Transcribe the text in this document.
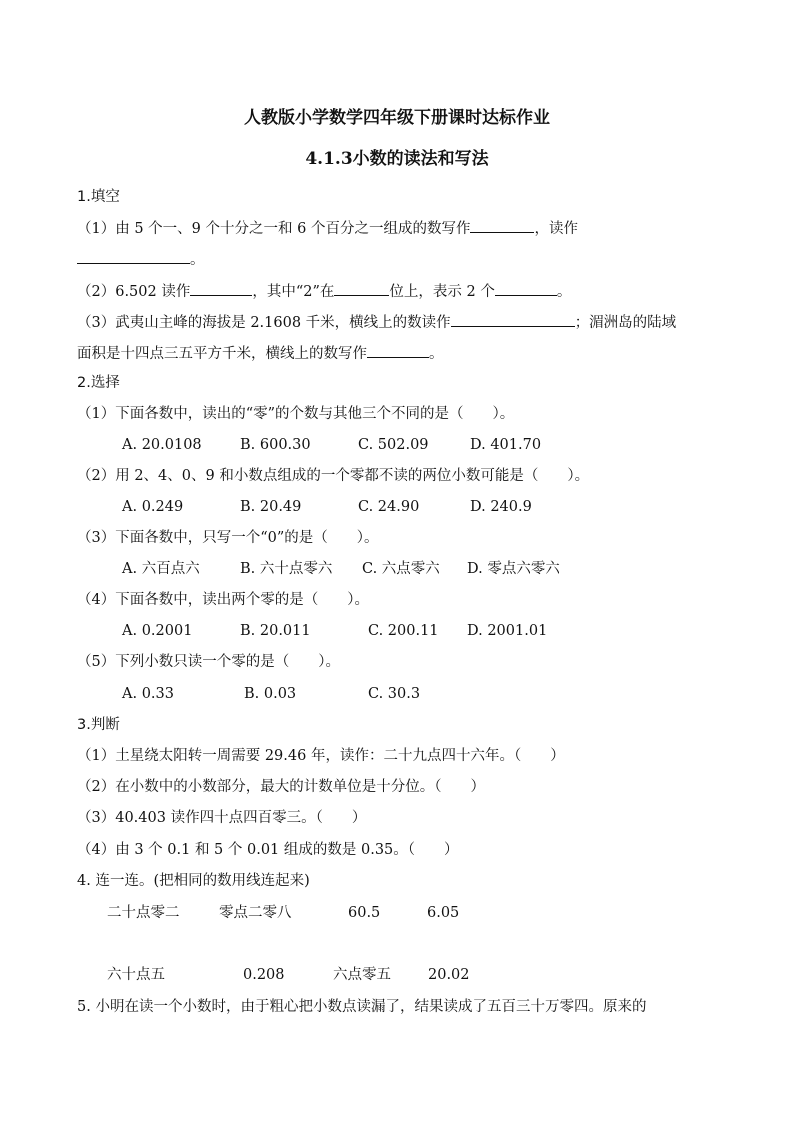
人教版小学数学四年级下册课时达标作业
4.1.3小数的读法和写法
1.填空
（1）由 5 个一、9 个十分之一和 6 个百分之一组成的数写作	，读作
。
（2）6.502 读作	，其中“2”在	位上，表示 2 个	。
（3）武夷山主峰的海拔是 2.1608 千米，横线上的数读作	；湄洲岛的陆域
面积是十四点三五平方千米，横线上的数写作	。
2.选择
（1）下面各数中，读出的“零”的个数与其他三个不同的是（　　）。
A. 20.0108	B. 600.30	C. 502.09	D. 401.70
（2）用 2、4、0、9 和小数点组成的一个零都不读的两位小数可能是（　　）。
A. 0.249	B. 20.49	C. 24.90	D. 240.9
（3）下面各数中，只写一个“0”的是（　　）。
A. 六百点六	B. 六十点零六 C. 六点零六 D. 零点六零六
（4）下面各数中，读出两个零的是（　　）。
A. 0.2001	B. 20.011	C. 200.11 D. 2001.01
（5）下列小数只读一个零的是（　　）。
A. 0.33	B. 0.03	C. 30.3
3.判断
（1）土星绕太阳转一周需要 29.46 年，读作：二十九点四十六年。（　　）
（2）在小数中的小数部分，最大的计数单位是十分位。（　　）
（3）40.403 读作四十点四百零三。（　　）
（4）由 3 个 0.1 和 5 个 0.01 组成的数是 0.35。（　　）
4. 连一连。(把相同的数用线连起来)
二十点零二	零点二零八	60.5	6.05
六十点五	0.208	六点零五	20.02
5. 小明在读一个小数时，由于粗心把小数点读漏了，结果读成了五百三十万零四。原来的
